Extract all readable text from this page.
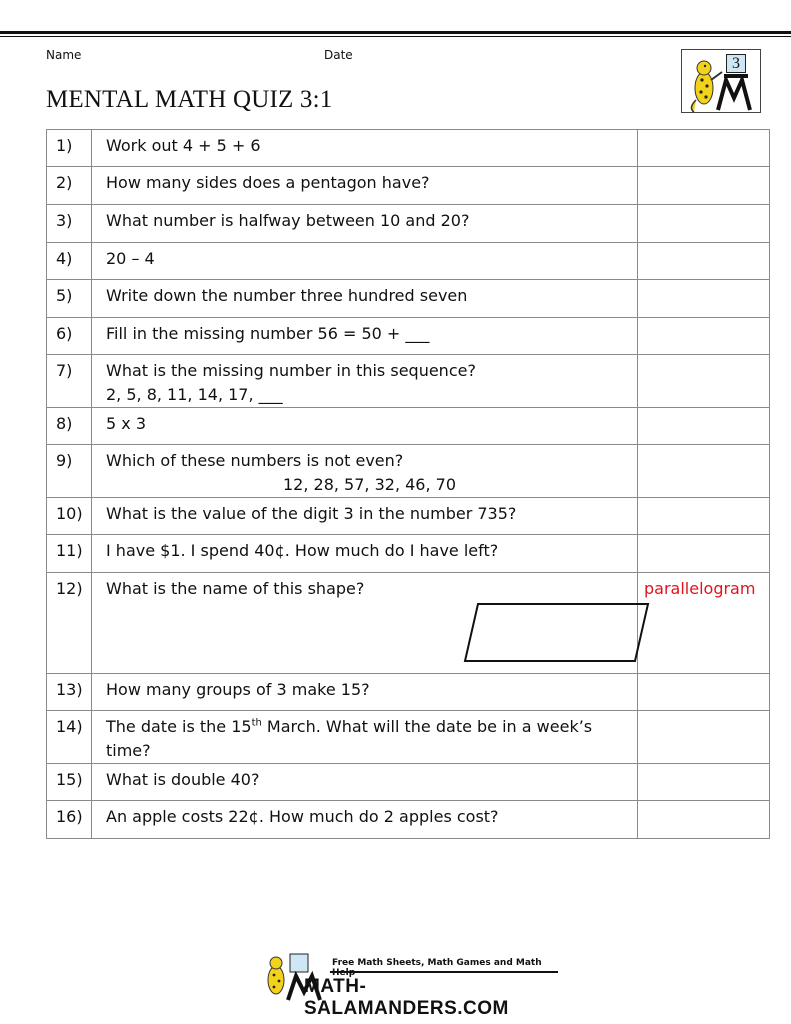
Name	Date
MENTAL MATH QUIZ 3:1
3
1)	Work out 4 + 5 + 6	

2)	How many sides does a pentagon have?	

3)	What number is halfway between 10 and 20?	

4)	20 – 4	

5)	Write down the number three hundred seven	

6)	Fill in the missing number 56 = 50 + ___	

7)	What is the missing number in this sequence?
2, 5, 8, 11, 14, 17, ___	

8)	5 x 3	

9)	Which of these numbers is not even?
12, 28, 57, 32, 46, 70	

10)	What is the value of the digit 3 in the number 735?	

11)	I have $1. I spend 40¢. How much do I have left?	

12)	What is the name of this shape?	parallelogram

13)	How many groups of 3 make 15?	

14)	The date is the 15th March. What will the date be in a week’s
time?	

15)	What is double 40?	

16)	An apple costs 22¢. How much do 2 apples cost?	

Free Math Sheets, Math Games and Math Help
MATH-SALAMANDERS.COM
